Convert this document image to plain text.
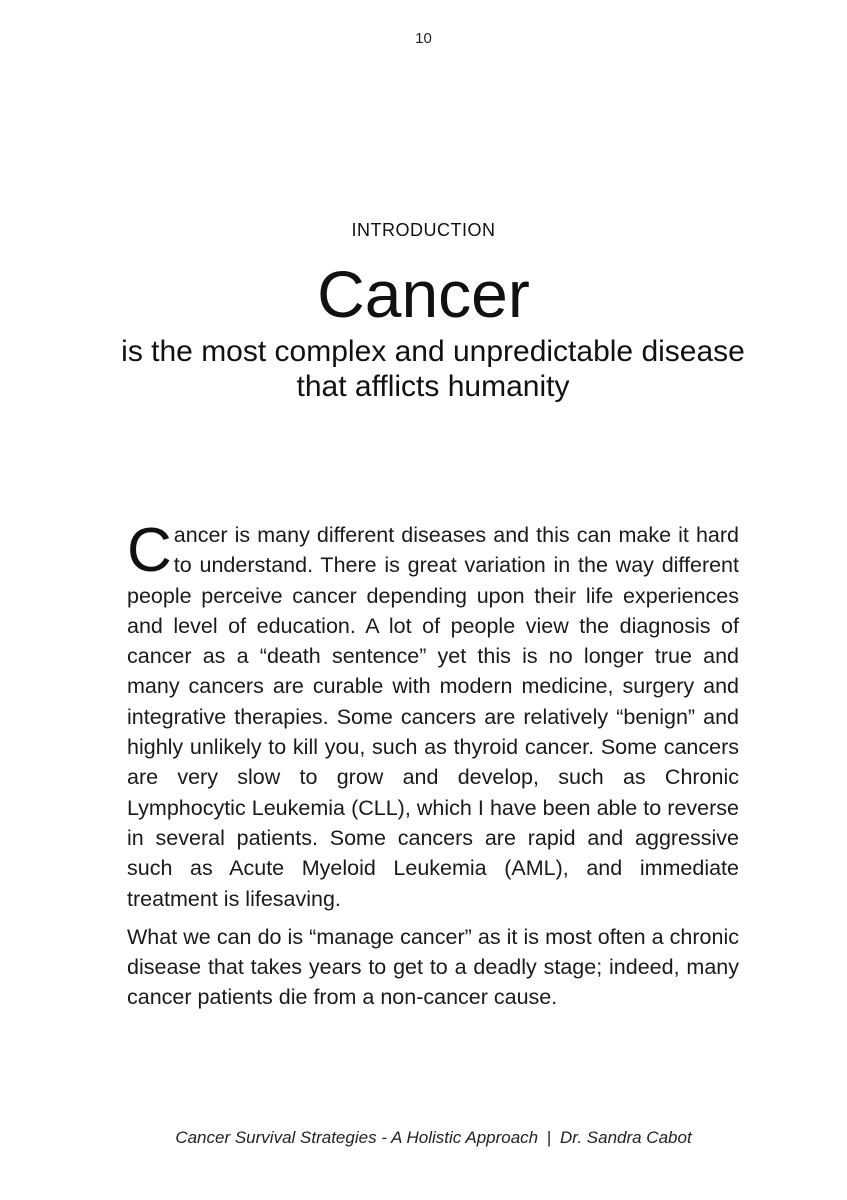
10
INTRODUCTION
Cancer
is the most complex and unpredictable disease that afflicts humanity

Cancer is many different diseases and this can make it hard to understand. There is great variation in the way different people perceive cancer depending upon their life experiences and level of education. A lot of people view the diagnosis of cancer as a “death sentence” yet this is no longer true and many cancers are curable with modern medicine, surgery and integrative therapies. Some cancers are relatively “benign” and highly unlikely to kill you, such as thyroid cancer. Some cancers are very slow to grow and develop, such as Chronic Lymphocytic Leukemia (CLL), which I have been able to reverse in several patients. Some cancers are rapid and aggressive such as Acute Myeloid Leukemia (AML), and immediate treatment is lifesaving.

What we can do is “manage cancer” as it is most often a chronic disease that takes years to get to a deadly stage; indeed, many cancer patients die from a non-cancer cause.

Cancer Survival Strategies - A Holistic Approach | Dr. Sandra Cabot
